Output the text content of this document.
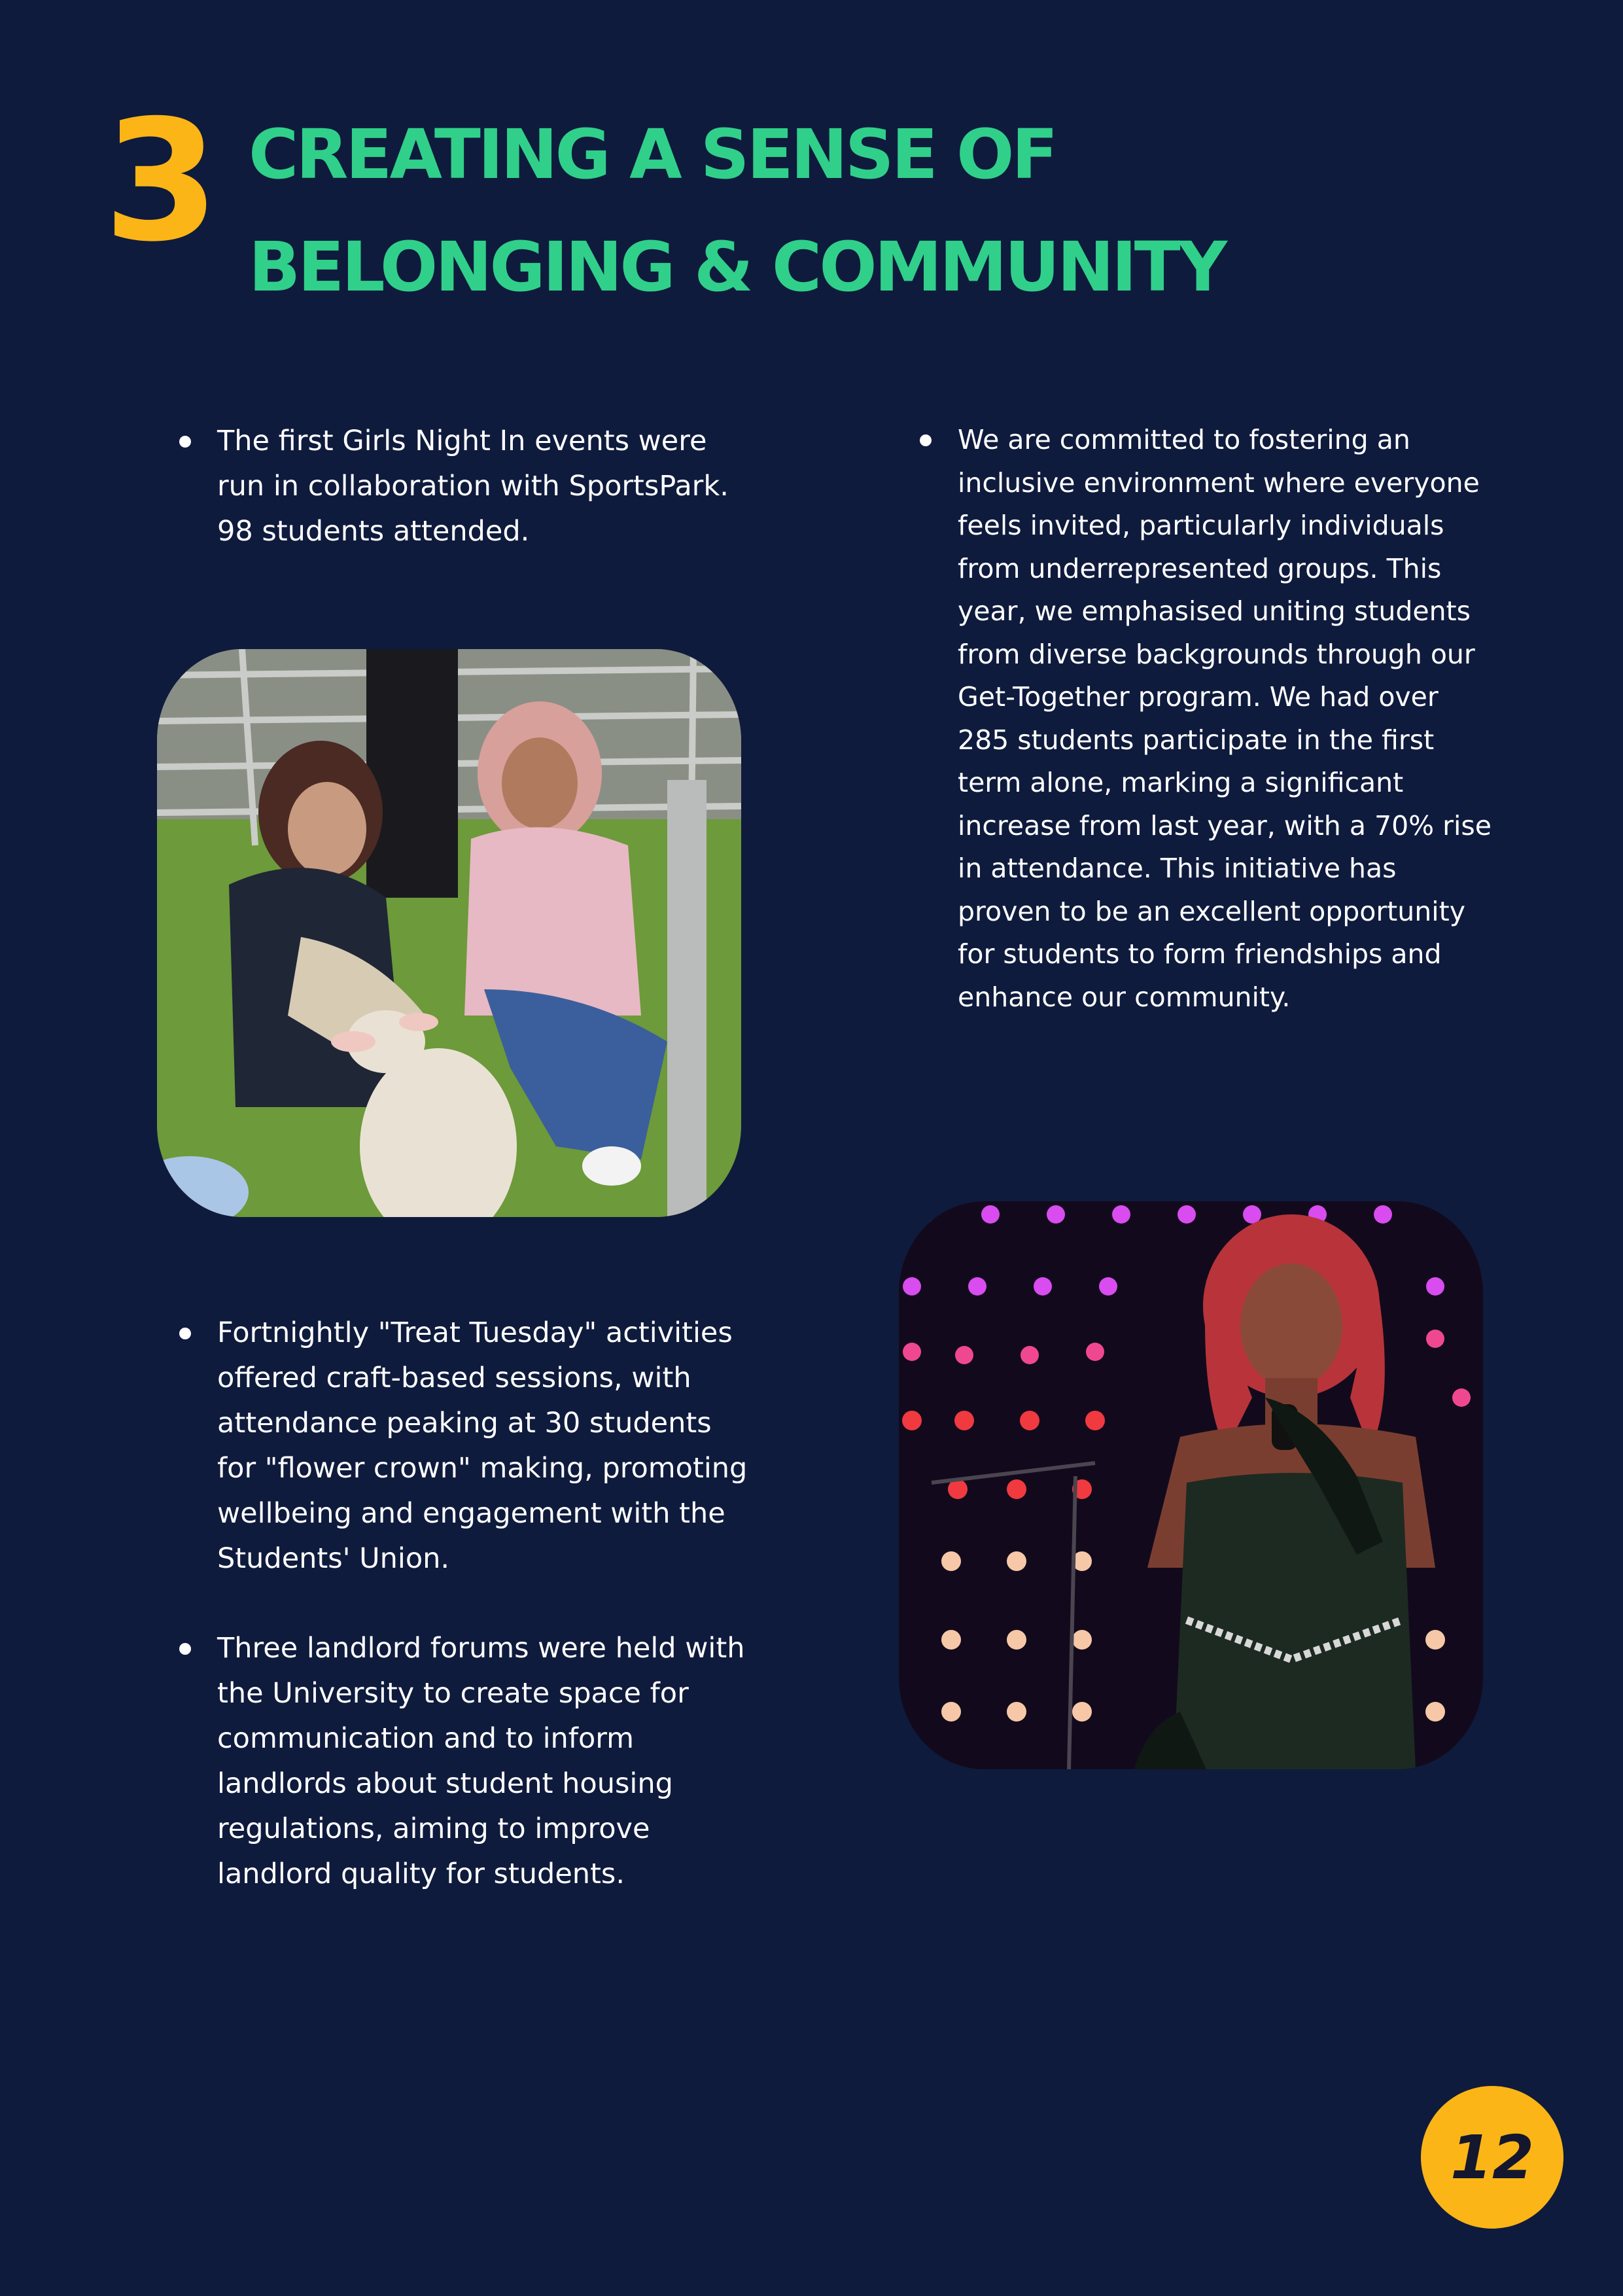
3 CREATING A SENSE OF
BELONGING & COMMUNITY
The first Girls Night In events were run in collaboration with SportsPark. 98 students attended.
Fortnightly "Treat Tuesday" activities offered craft-based sessions, with attendance peaking at 30 students for "flower crown" making, promoting wellbeing and engagement with the Students' Union.
Three landlord forums were held with the University to create space for communication and to inform landlords about student housing regulations, aiming to improve landlord quality for students.
We are committed to fostering an inclusive environment where everyone feels invited, particularly individuals from underrepresented groups. This year, we emphasised uniting students from diverse backgrounds through our Get-Together program. We had over 285 students participate in the first term alone, marking a significant increase from last year, with a 70% rise in attendance. This initiative has proven to be an excellent opportunity for students to form friendships and enhance our community.
12
